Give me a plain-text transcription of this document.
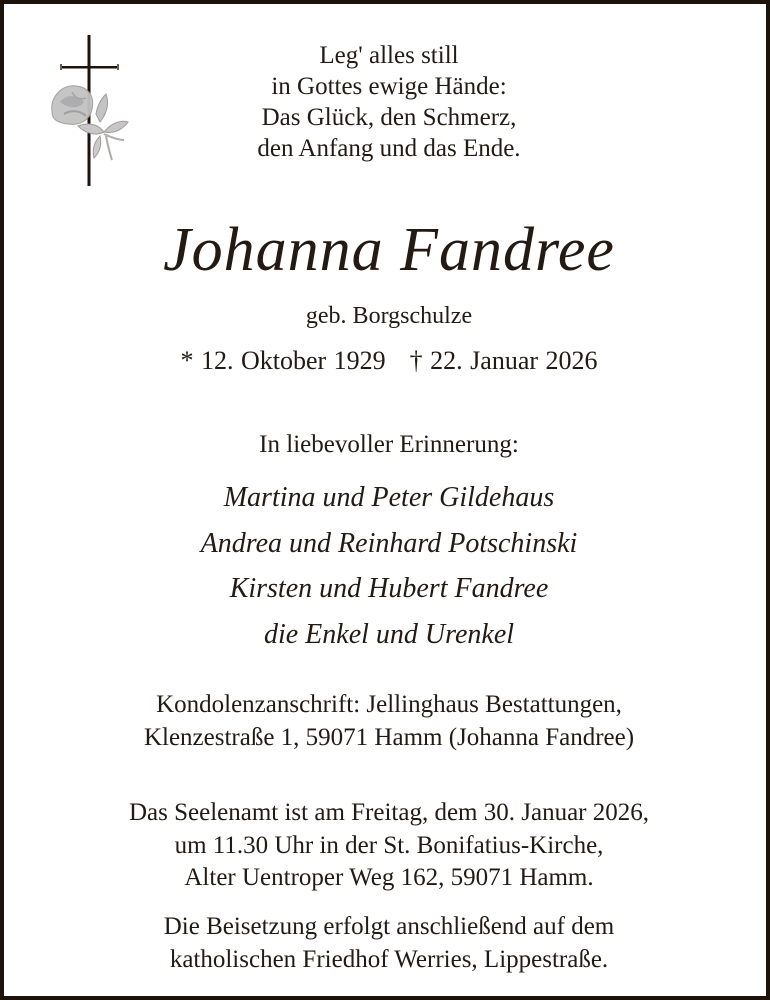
Leg' alles still
in Gottes ewige Hände:
Das Glück, den Schmerz,
den Anfang und das Ende.
Johanna Fandree
geb. Borgschulze
* 12. Oktober 1929 † 22. Januar 2026
In liebevoller Erinnerung:
Martina und Peter Gildehaus
Andrea und Reinhard Potschinski
Kirsten und Hubert Fandree
die Enkel und Urenkel
Kondolenzanschrift: Jellinghaus Bestattungen,
Klenzestraße 1, 59071 Hamm (Johanna Fandree)
Das Seelenamt ist am Freitag, dem 30. Januar 2026,
um 11.30 Uhr in der St. Bonifatius-Kirche,
Alter Uentroper Weg 162, 59071 Hamm.
Die Beisetzung erfolgt anschließend auf dem
katholischen Friedhof Werries, Lippestraße.
